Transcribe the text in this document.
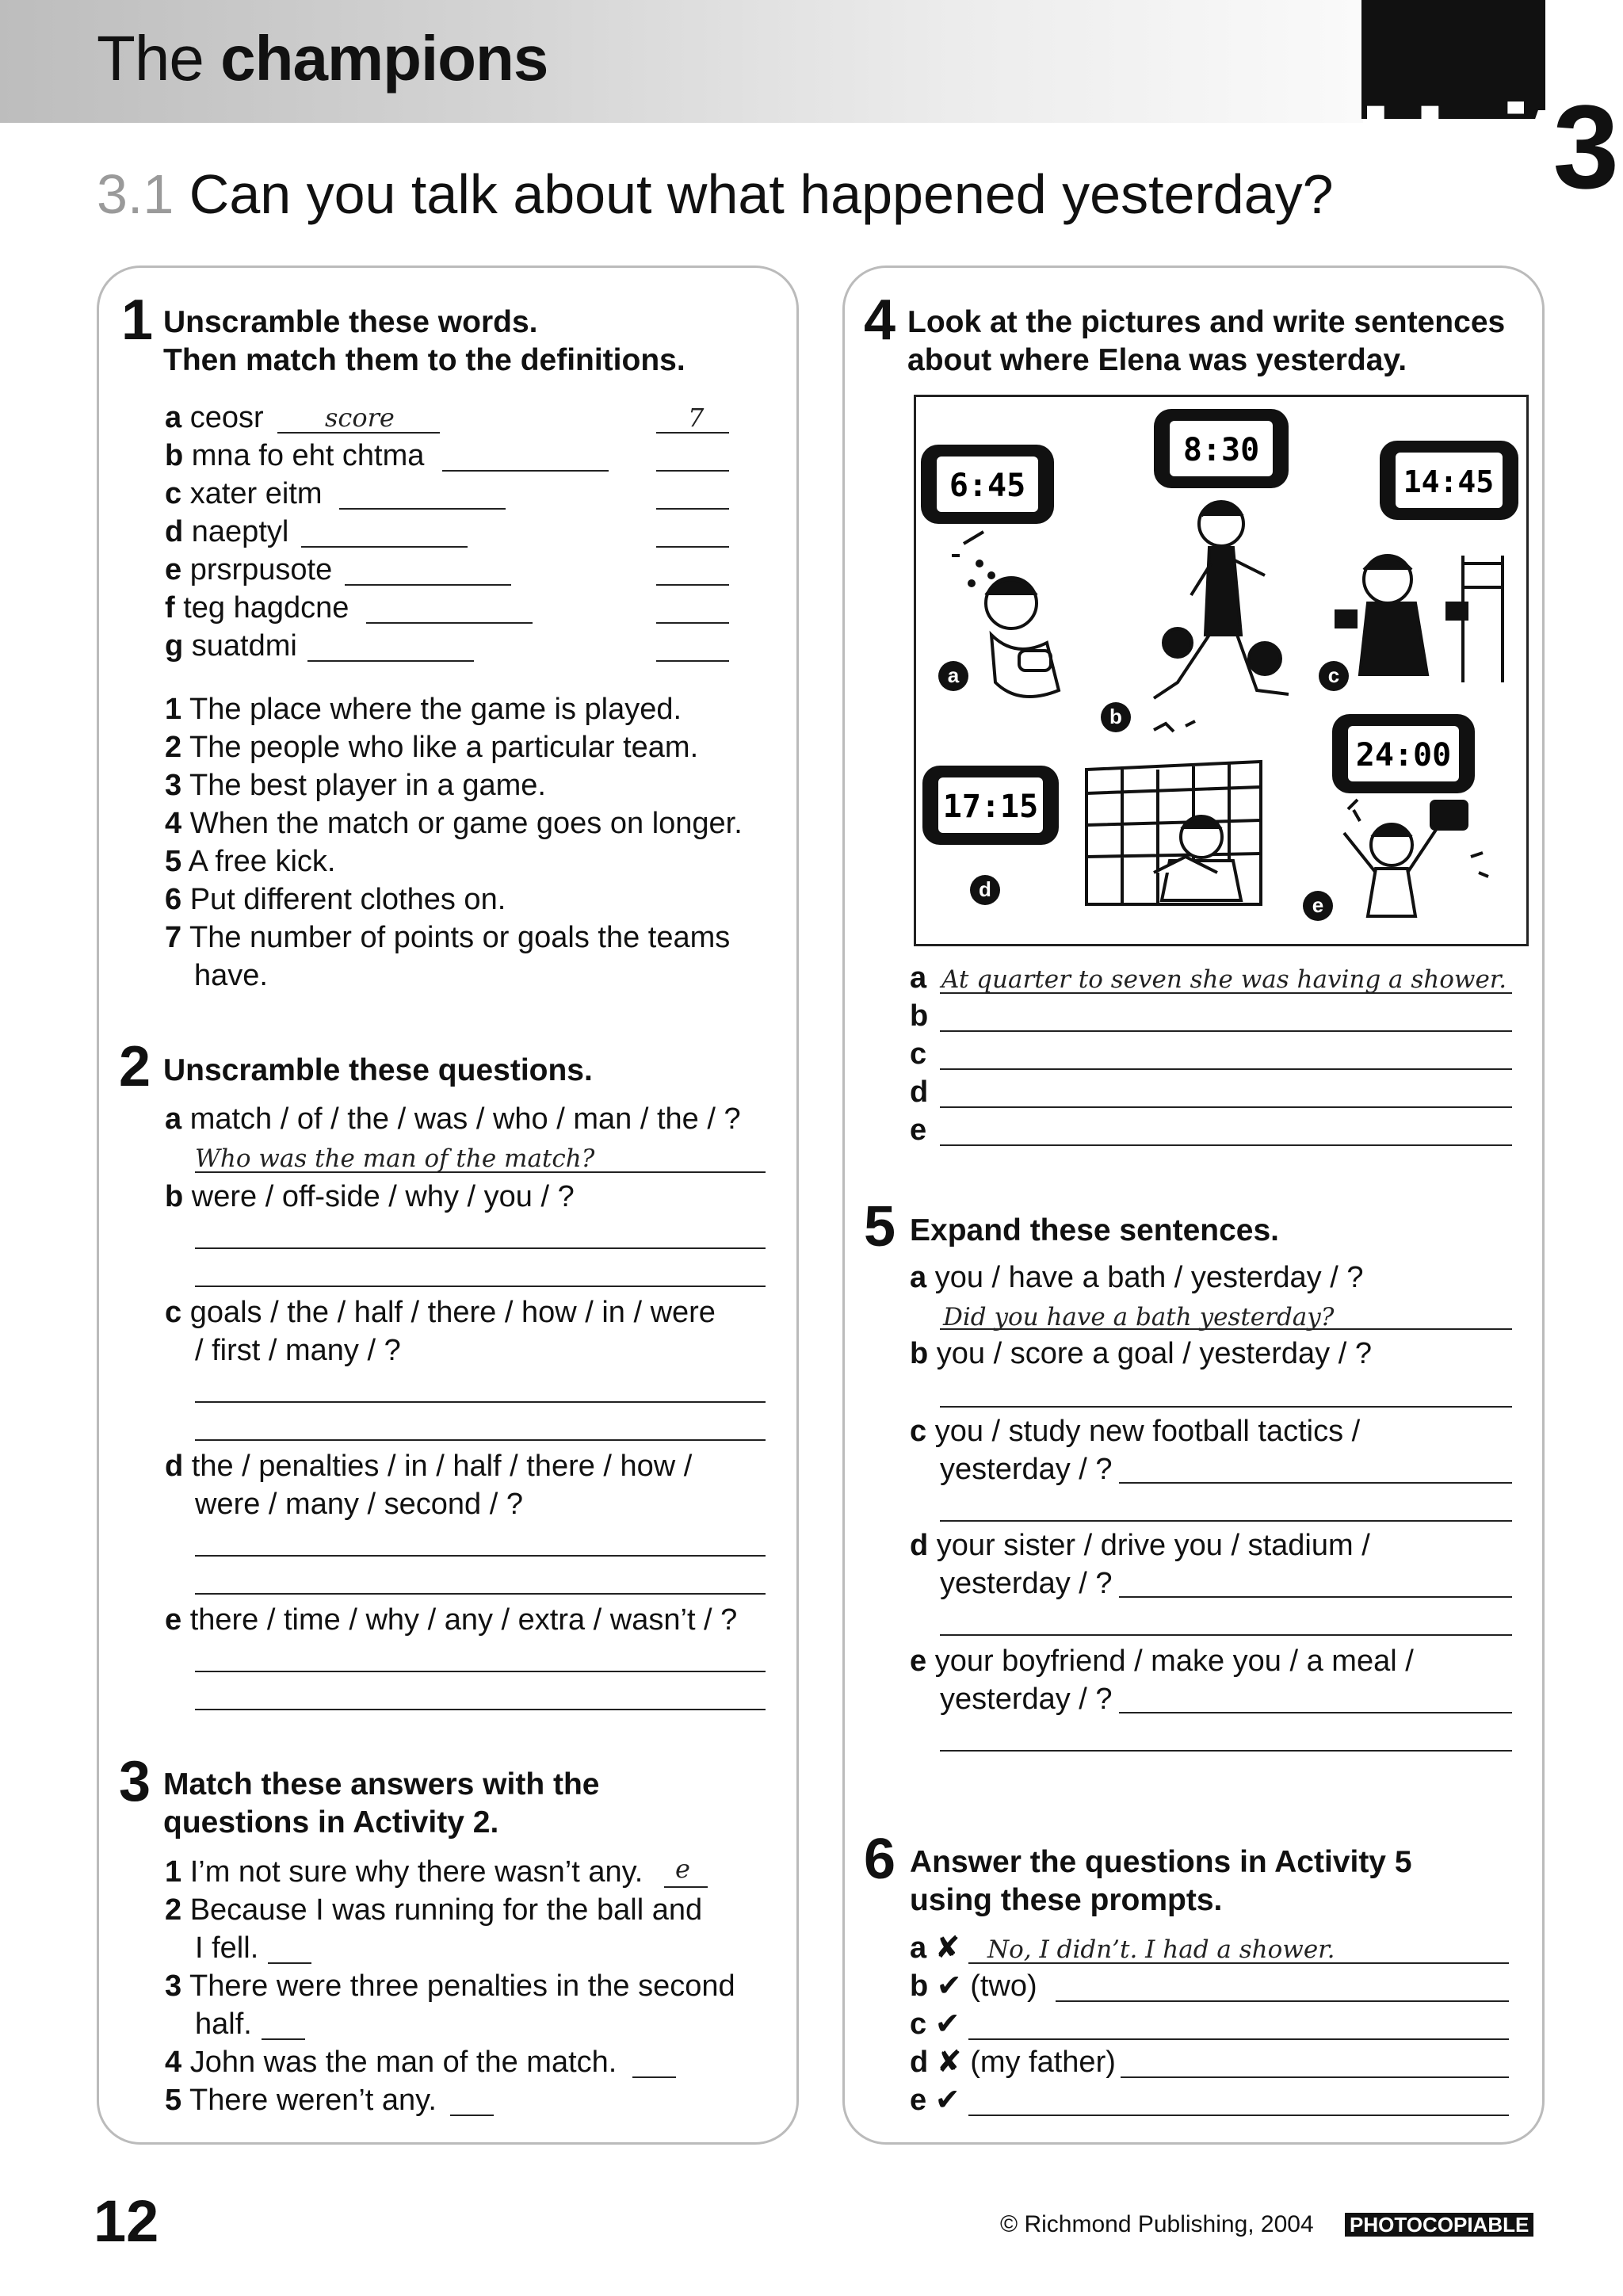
The champions
Unit3
3.1 Can you talk about what happened yesterday?
1 Unscramble these words.
Then match them to the definitions.
a ceosr score	7
b mna fo eht chtma
c xater eitm
d naeptyl
e prsrpusote
f teg hagdcne
g suatdmi
1 The place where the game is played.
2 The people who like a particular team.
3 The best player in a game.
4 When the match or game goes on longer.
5 A free kick.
6 Put different clothes on.
7 The number of points or goals the teams
have.
2 Unscramble these questions.
a match / of / the / was / who / man / the / ?
Who was the man of the match?
b were / off-side / why / you / ?
c goals / the / half / there / how / in / were
/ first / many / ?
d the / penalties / in / half / there / how /
were / many / second / ?
e there / time / why / any / extra / wasn’t / ?
3 Match these answers with the
questions in Activity 2.
1 I’m not sure why there wasn’t any. e
2 Because I was running for the ball and
I fell.
3 There were three penalties in the second
half.
4 John was the man of the match.
5 There weren’t any.
4 Look at the pictures and write sentences
about where Elena was yesterday.
6:45
8:30
14:45
17:15
24:00
a
b
c
d
e
a At quarter to seven she was having a shower.
b
c
d
e
5 Expand these sentences.
a you / have a bath / yesterday / ?
Did you have a bath yesterday?
b you / score a goal / yesterday / ?
c you / study new football tactics /
yesterday / ?
d your sister / drive you / stadium /
yesterday / ?
e your boyfriend / make you / a meal /
yesterday / ?
6 Answer the questions in Activity 5
using these prompts.
a ✘ No, I didn’t. I had a shower.
b ✔ (two)
c ✔
d ✘ (my father)
e ✔
12	© Richmond Publishing, 2004 PHOTOCOPIABLE
